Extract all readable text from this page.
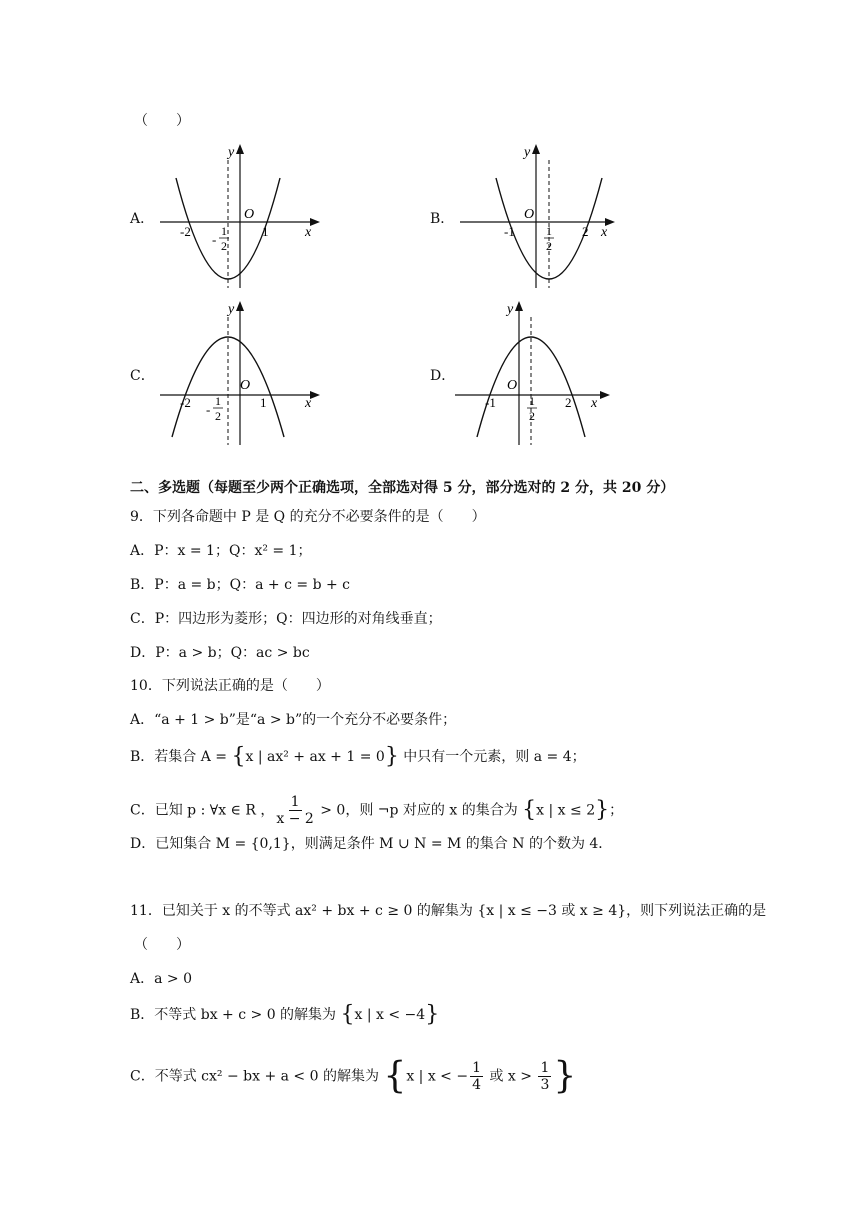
（　　）
A．
y
O
x
-2	1
-
1
2
B．
y
O
x
-1	2
1
2
C．
y
O
x
-2	1
-
1
2
D．
y
O
x
-1	2
1
2
二、多选题（每题至少两个正确选项，全部选对得 5 分，部分选对的 2 分，共 20 分）
9．下列各命题中 P 是 Q 的充分不必要条件的是（　　）
A．P：x = 1；Q：x² = 1；
B．P：a = b；Q：a + c = b + c
C．P：四边形为菱形；Q：四边形的对角线垂直；
D．P：a > b；Q：ac > bc
10．下列说法正确的是（　　）
A．“a + 1 > b”是“a > b”的一个充分不必要条件；
B．若集合 A = {x | ax² + ax + 1 = 0} 中只有一个元素，则 a = 4；
C．已知 p : ∀x ∈ R ， $\frac{1}{x - 2} > 0$，则 ¬p 对应的 x 的集合为 {x | x ≤ 2}；
D．已知集合 M = {0,1}，则满足条件 M ∪ N = M 的集合 N 的个数为 4．
11．已知关于 x 的不等式 ax² + bx + c ≥ 0 的解集为 {x | x ≤ −3 或 x ≥ 4}，则下列说法正确的是
（　　）
A．a > 0
B．不等式 bx + c > 0 的解集为 {x | x < −4}
C．不等式 cx² − bx + a < 0 的解集为 {x | x < − $\frac{1}{4}$ 或 $x > \frac{1}{3}$ }
